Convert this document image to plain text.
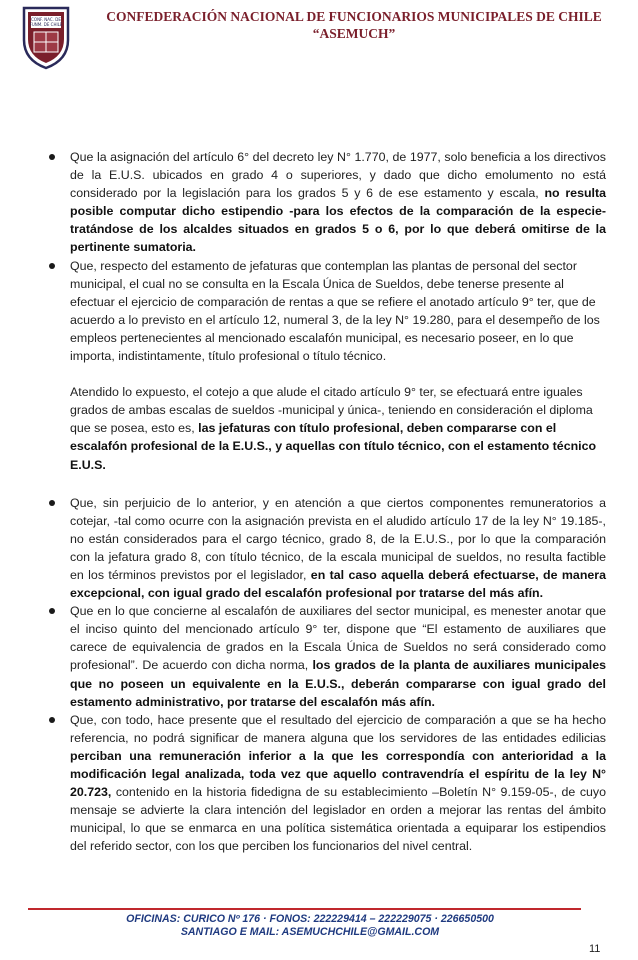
CONF. NAC. DE
FUNM. DE CHILE
CONFEDERACIÓN NACIONAL DE FUNCIONARIOS MUNICIPALES DE CHILE
“ASEMUCH”

Que la asignación del artículo 6° del decreto ley N° 1.770, de 1977, solo beneficia a los directivos de la E.U.S. ubicados en grado 4 o superiores, y dado que dicho emolumento no está considerado por la legislación para los grados 5 y 6 de ese estamento y escala, no resulta posible computar dicho estipendio -para los efectos de la comparación de la especie- tratándose de los alcaldes situados en grados 5 o 6, por lo que deberá omitirse de la pertinente sumatoria.

Que, respecto del estamento de jefaturas que contemplan las plantas de personal del sector municipal, el cual no se consulta en la Escala Única de Sueldos, debe tenerse presente al efectuar el ejercicio de comparación de rentas a que se refiere el anotado artículo 9° ter, que de acuerdo a lo previsto en el artículo 12, numeral 3, de la ley N° 19.280, para el desempeño de los empleos pertenecientes al mencionado escalafón municipal, es necesario poseer, en lo que importa, indistintamente, título profesional o título técnico.

Atendido lo expuesto, el cotejo a que alude el citado artículo 9° ter, se efectuará entre iguales grados de ambas escalas de sueldos -municipal y única-, teniendo en consideración el diploma que se posea, esto es, las jefaturas con título profesional, deben compararse con el escalafón profesional de la E.U.S., y aquellas con título técnico, con el estamento técnico E.U.S.

Que, sin perjuicio de lo anterior, y en atención a que ciertos componentes remuneratorios a cotejar, -tal como ocurre con la asignación prevista en el aludido artículo 17 de la ley N° 19.185-, no están considerados para el cargo técnico, grado 8, de la E.U.S., por lo que la comparación con la jefatura grado 8, con título técnico, de la escala municipal de sueldos, no resulta factible en los términos previstos por el legislador, en tal caso aquella deberá efectuarse, de manera excepcional, con igual grado del escalafón profesional por tratarse del más afín.

Que en lo que concierne al escalafón de auxiliares del sector municipal, es menester anotar que el inciso quinto del mencionado artículo 9° ter, dispone que “El estamento de auxiliares que carece de equivalencia de grados en la Escala Única de Sueldos no será considerado como profesional”. De acuerdo con dicha norma, los grados de la planta de auxiliares municipales que no poseen un equivalente en la E.U.S., deberán compararse con igual grado del estamento administrativo, por tratarse del escalafón más afín.

Que, con todo, hace presente que el resultado del ejercicio de comparación a que se ha hecho referencia, no podrá significar de manera alguna que los servidores de las entidades edilicias perciban una remuneración inferior a la que les correspondía con anterioridad a la modificación legal analizada, toda vez que aquello contravendría el espíritu de la ley N° 20.723, contenido en la historia fidedigna de su establecimiento –Boletín N° 9.159-05-, de cuyo mensaje se advierte la clara intención del legislador en orden a mejorar las rentas del ámbito municipal, lo que se enmarca en una política sistemática orientada a equiparar los estipendios del referido sector, con los que perciben los funcionarios del nivel central.

OFICINAS: CURICO Nº 176 · FONOS: 222229414 – 222229075 · 226650500
SANTIAGO E MAIL: ASEMUCHCHILE@GMAIL.COM
11
